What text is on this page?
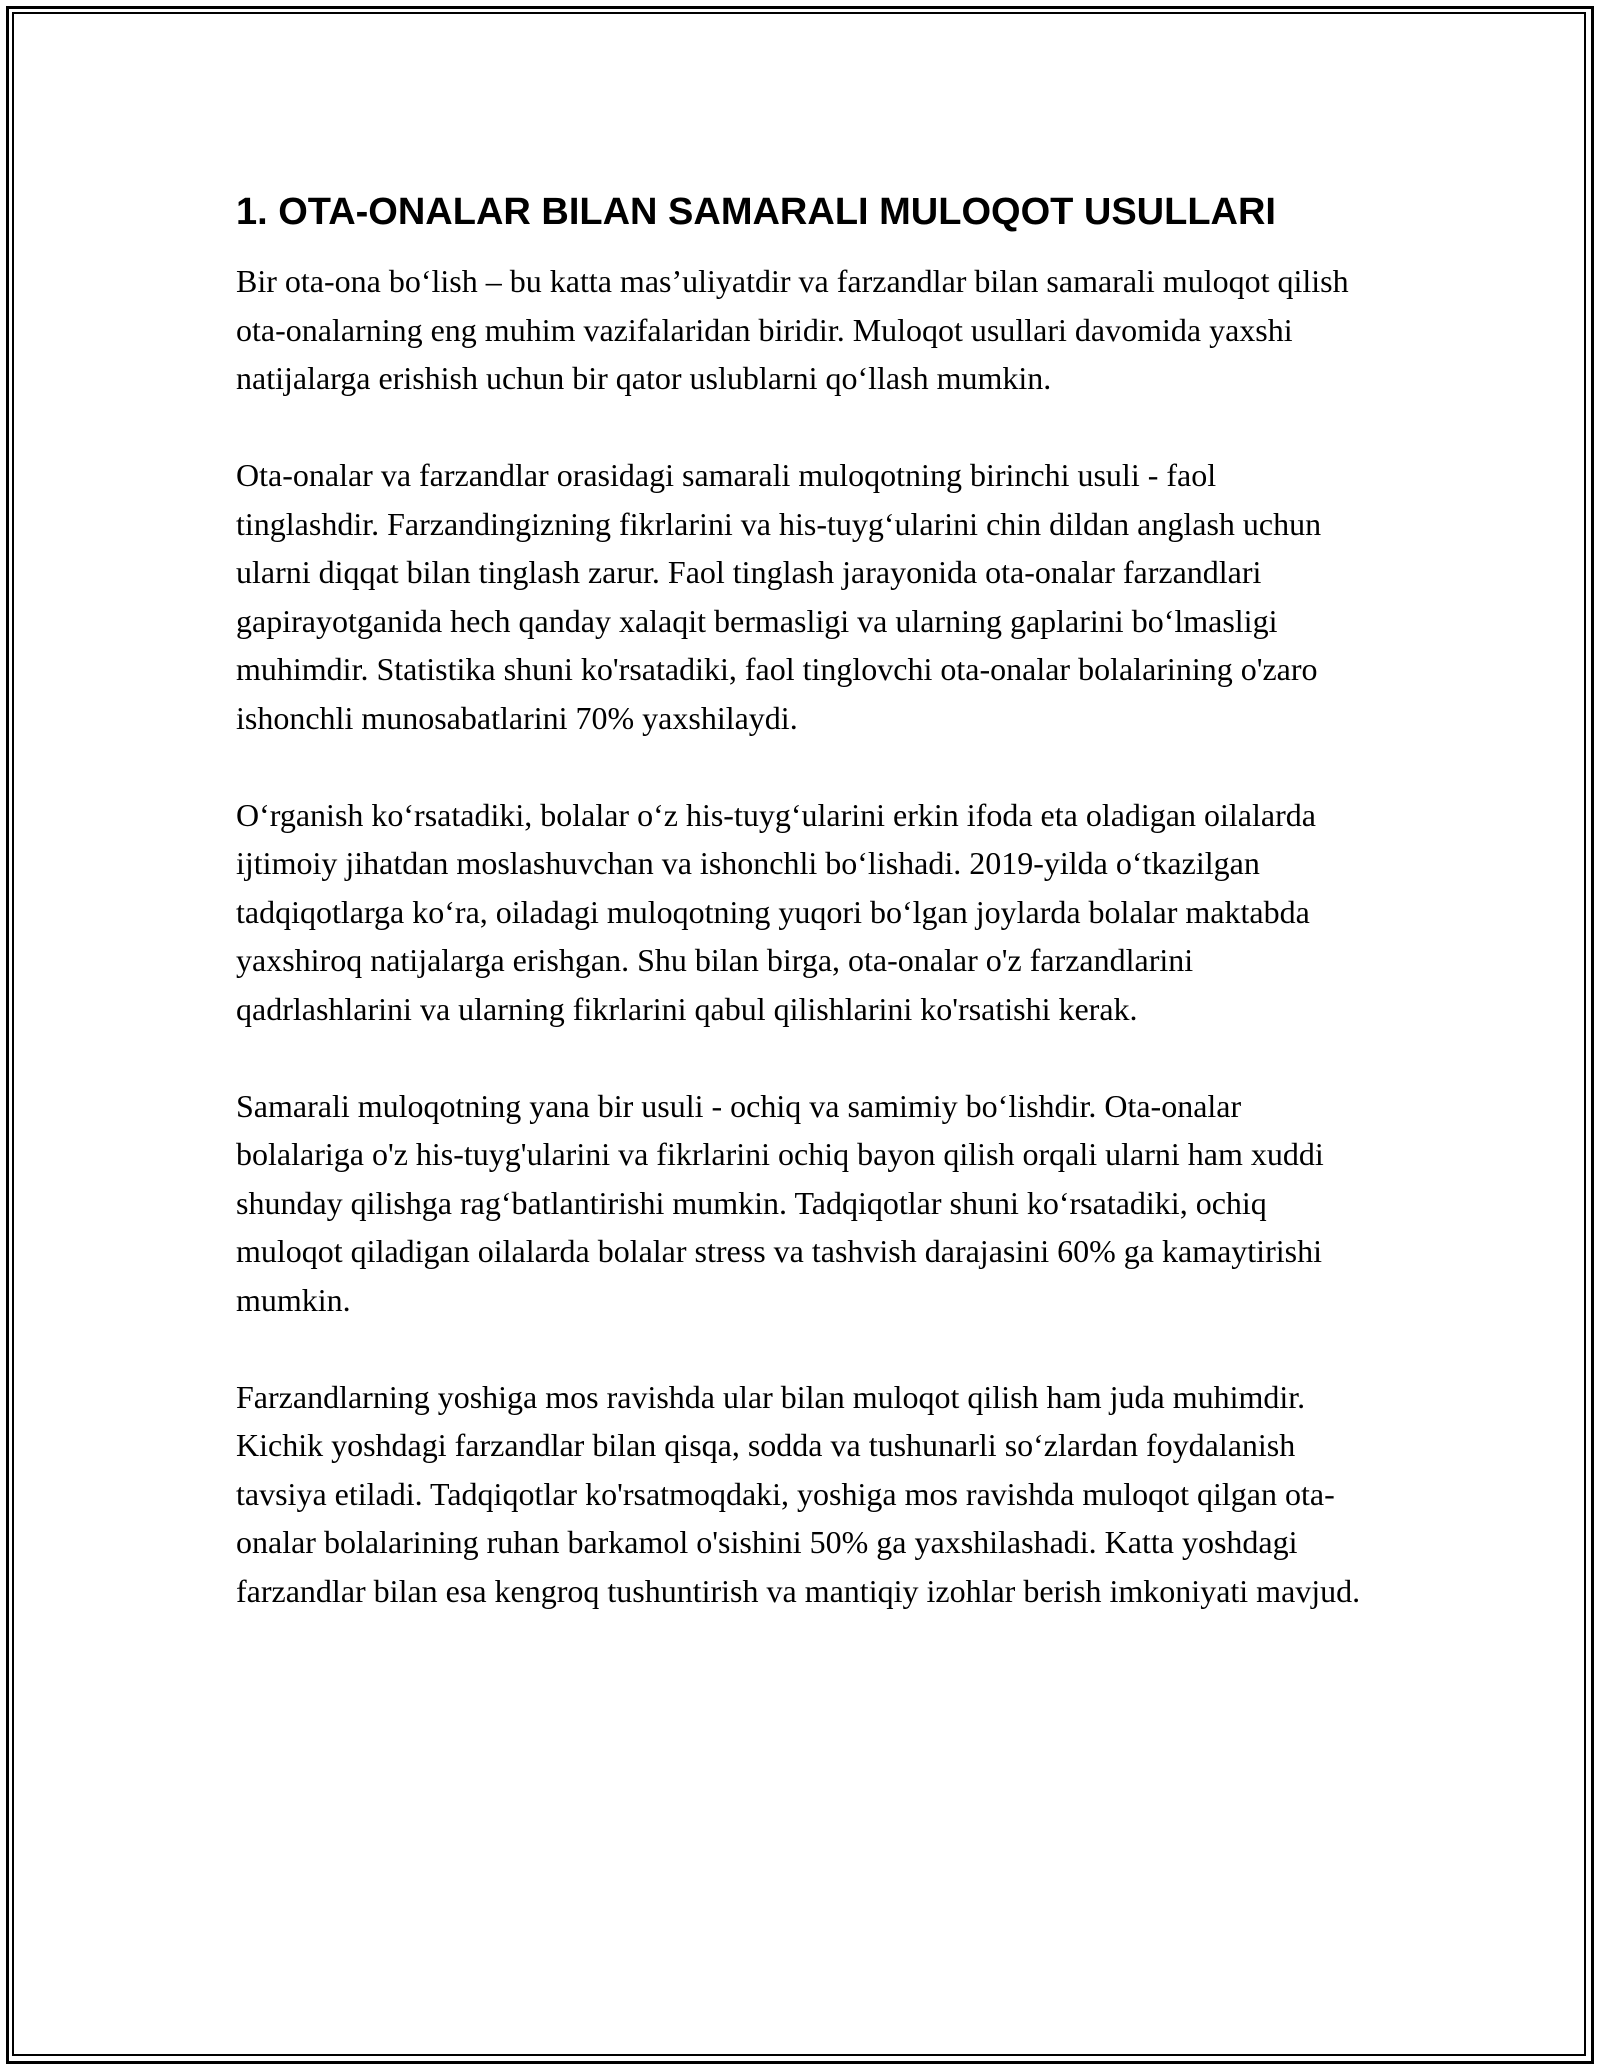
1. OTA-ONALAR BILAN SAMARALI MULOQOT USULLARI

Bir ota-ona bo‘lish – bu katta mas’uliyatdir va farzandlar bilan samarali muloqot qilish ota-onalarning eng muhim vazifalaridan biridir. Muloqot usullari davomida yaxshi natijalarga erishish uchun bir qator uslublarni qo‘llash mumkin.

Ota-onalar va farzandlar orasidagi samarali muloqotning birinchi usuli - faol tinglashdir. Farzandingizning fikrlarini va his-tuyg‘ularini chin dildan anglash uchun ularni diqqat bilan tinglash zarur. Faol tinglash jarayonida ota-onalar farzandlari gapirayotganida hech qanday xalaqit bermasligi va ularning gaplarini bo‘lmasligi muhimdir. Statistika shuni ko'rsatadiki, faol tinglovchi ota-onalar bolalarining o'zaro ishonchli munosabatlarini 70% yaxshilaydi.

O‘rganish ko‘rsatadiki, bolalar o‘z his-tuyg‘ularini erkin ifoda eta oladigan oilalarda ijtimoiy jihatdan moslashuvchan va ishonchli bo‘lishadi. 2019-yilda o‘tkazilgan tadqiqotlarga ko‘ra, oiladagi muloqotning yuqori bo‘lgan joylarda bolalar maktabda yaxshiroq natijalarga erishgan. Shu bilan birga, ota-onalar o'z farzandlarini qadrlashlarini va ularning fikrlarini qabul qilishlarini ko'rsatishi kerak.

Samarali muloqotning yana bir usuli - ochiq va samimiy bo‘lishdir. Ota-onalar bolalariga o'z his-tuyg'ularini va fikrlarini ochiq bayon qilish orqali ularni ham xuddi shunday qilishga rag‘batlantirishi mumkin. Tadqiqotlar shuni ko‘rsatadiki, ochiq muloqot qiladigan oilalarda bolalar stress va tashvish darajasini 60% ga kamaytirishi mumkin.

Farzandlarning yoshiga mos ravishda ular bilan muloqot qilish ham juda muhimdir. Kichik yoshdagi farzandlar bilan qisqa, sodda va tushunarli so‘zlardan foydalanish tavsiya etiladi. Tadqiqotlar ko'rsatmoqdaki, yoshiga mos ravishda muloqot qilgan ota-onalar bolalarining ruhan barkamol o'sishini 50% ga yaxshilashadi. Katta yoshdagi farzandlar bilan esa kengroq tushuntirish va mantiqiy izohlar berish imkoniyati mavjud.
